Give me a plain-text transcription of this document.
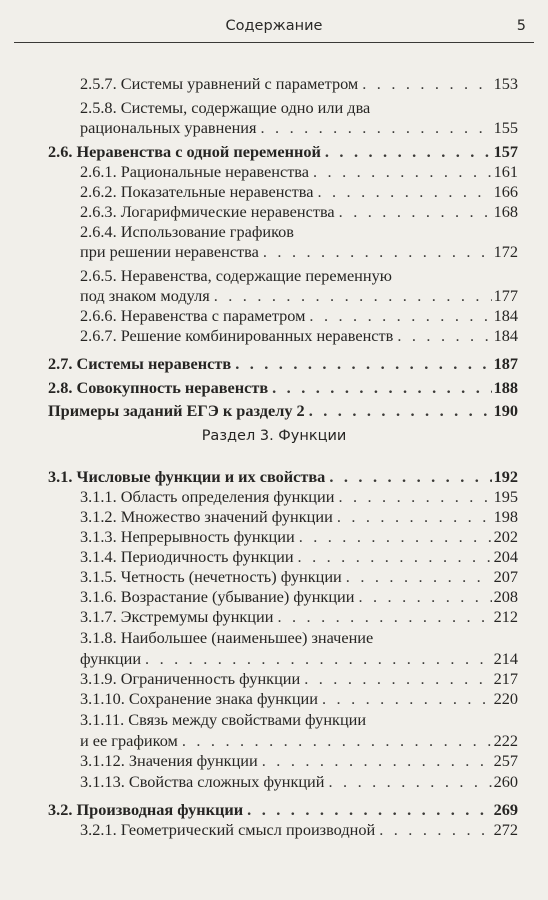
Содержание	5
2.5.7. Системы уравнений с параметром . . .	153
2.5.8. Системы, содержащие одно или два
рациональных уравнения . . .	155
2.6. Неравенства с одной переменной . . .	157
2.6.1. Рациональные неравенства . . .	161
2.6.2. Показательные неравенства . . .	166
2.6.3. Логарифмические неравенства . . .	168
2.6.4. Использование графиков
при решении неравенства . . .	172
2.6.5. Неравенства, содержащие переменную
под знаком модуля . . .	177
2.6.6. Неравенства с параметром . . .	184
2.6.7. Решение комбинированных неравенств . . .	184
2.7. Системы неравенств . . .	187
2.8. Совокупность неравенств . . .	188
Примеры заданий ЕГЭ к разделу 2 . . .	190
Раздел 3. Функции
3.1. Числовые функции и их свойства . . .	192
3.1.1. Область определения функции . . .	195
3.1.2. Множество значений функции . . .	198
3.1.3. Непрерывность функции . . .	202
3.1.4. Периодичность функции . . .	204
3.1.5. Четность (нечетность) функции . . .	207
3.1.6. Возрастание (убывание) функции . . .	208
3.1.7. Экстремумы функции . . .	212
3.1.8. Наибольшее (наименьшее) значение
функции . . .	214
3.1.9. Ограниченность функции . . .	217
3.1.10. Сохранение знака функции . . .	220
3.1.11. Связь между свойствами функции
и ее графиком . . .	222
3.1.12. Значения функции . . .	257
3.1.13. Свойства сложных функций . . .	260
3.2. Производная функции . . .	269
3.2.1. Геометрический смысл производной . . .	272
